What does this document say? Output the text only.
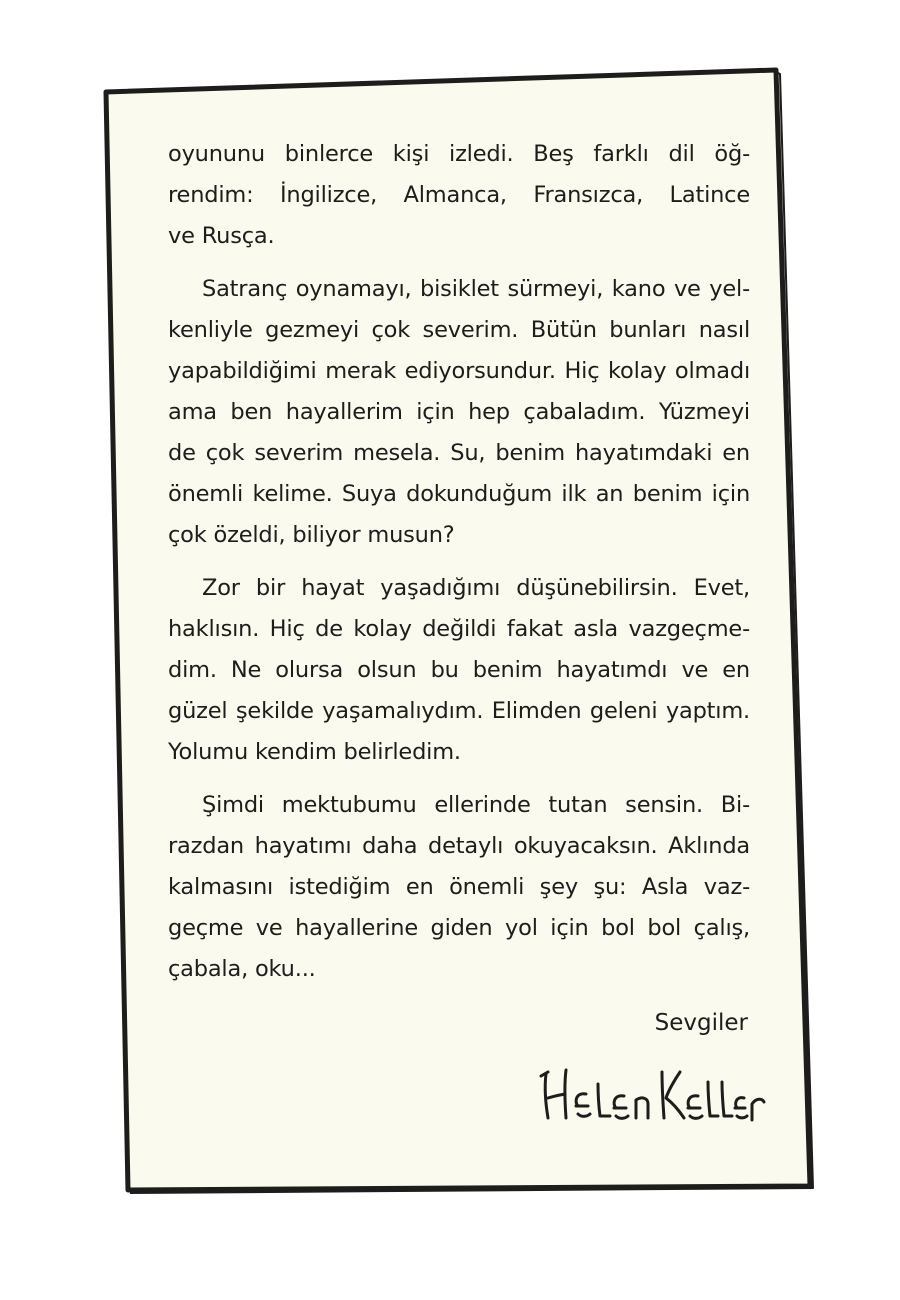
oyununu binlerce kişi izledi. Beş farklı dil öğ-
rendim: İngilizce, Almanca, Fransızca, Latince
ve Rusça.
Satranç oynamayı, bisiklet sürmeyi, kano ve yel-
kenliyle gezmeyi çok severim. Bütün bunları nasıl
yapabildiğimi merak ediyorsundur. Hiç kolay olmadı
ama ben hayallerim için hep çabaladım. Yüzmeyi
de çok severim mesela. Su, benim hayatımdaki en
önemli kelime. Suya dokunduğum ilk an benim için
çok özeldi, biliyor musun?
Zor bir hayat yaşadığımı düşünebilirsin. Evet,
haklısın. Hiç de kolay değildi fakat asla vazgeçme-
dim. Ne olursa olsun bu benim hayatımdı ve en
güzel şekilde yaşamalıydım. Elimden geleni yaptım.
Yolumu kendim belirledim.
Şimdi mektubumu ellerinde tutan sensin. Bi-
razdan hayatımı daha detaylı okuyacaksın. Aklında
kalmasını istediğim en önemli şey şu: Asla vaz-
geçme ve hayallerine giden yol için bol bol çalış,
çabala, oku...
Sevgiler
